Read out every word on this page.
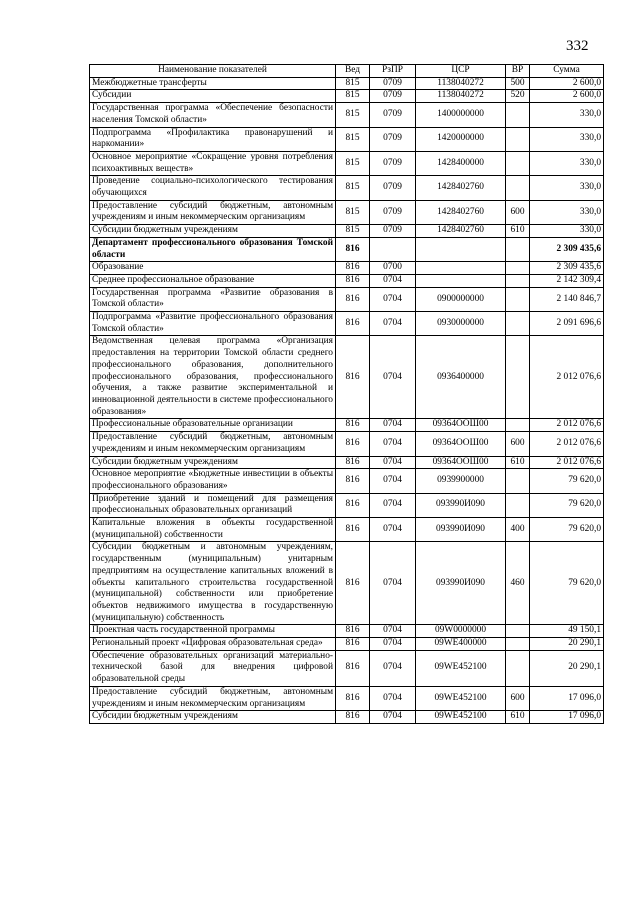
332
Наименование показателей	Вед	РзПР	ЦСР	ВР	Сумма
Межбюджетные трансферты	815	0709	1138040272	500	2 600,0
Субсидии	815	0709	1138040272	520	2 600,0
Государственная программа «Обеспечение безопасности населения Томской области»	815	0709	1400000000		330,0
Подпрограмма «Профилактика правонарушений и наркомании»	815	0709	1420000000		330,0
Основное мероприятие «Сокращение уровня потребления психоактивных веществ»	815	0709	1428400000		330,0
Проведение социально-психологического тестирования обучающихся	815	0709	1428402760		330,0
Предоставление субсидий бюджетным, автономным учреждениям и иным некоммерческим организациям	815	0709	1428402760	600	330,0
Субсидии бюджетным учреждениям	815	0709	1428402760	610	330,0
Департамент профессионального образования Томской области	816				2 309 435,6
Образование	816	0700			2 309 435,6
Среднее профессиональное образование	816	0704			2 142 309,4
Государственная программа «Развитие образования в Томской области»	816	0704	0900000000		2 140 846,7
Подпрограмма «Развитие профессионального образования Томской области»	816	0704	0930000000		2 091 696,6
Ведомственная целевая программа «Организация предоставления на территории Томской области среднего профессионального образования, дополнительного профессионального образования, профессионального обучения, а также развитие экспериментальной и инновационной деятельности в системе профессионального образования»	816	0704	0936400000		2 012 076,6
Профессиональные образовательные организации	816	0704	09364ООШ00		2 012 076,6
Предоставление субсидий бюджетным, автономным учреждениям и иным некоммерческим организациям	816	0704	09364ООШ00	600	2 012 076,6
Субсидии бюджетным учреждениям	816	0704	09364ООШ00	610	2 012 076,6
Основное мероприятие «Бюджетные инвестиции в объекты профессионального образования»	816	0704	0939900000		79 620,0
Приобретение зданий и помещений для размещения профессиональных образовательных организаций	816	0704	093990И090		79 620,0
Капитальные вложения в объекты государственной (муниципальной) собственности	816	0704	093990И090	400	79 620,0
Субсидии бюджетным и автономным учреждениям, государственным (муниципальным) унитарным предприятиям на осуществление капитальных вложений в объекты капитального строительства государственной (муниципальной) собственности или приобретение объектов недвижимого имущества в государственную (муниципальную) собственность	816	0704	093990И090	460	79 620,0
Проектная часть государственной программы	816	0704	09W0000000		49 150,1
Региональный проект «Цифровая образовательная среда»	816	0704	09WE400000		20 290,1
Обеспечение образовательных организаций материально-технической базой для внедрения цифровой образовательной среды	816	0704	09WE452100		20 290,1
Предоставление субсидий бюджетным, автономным учреждениям и иным некоммерческим организациям	816	0704	09WE452100	600	17 096,0
Субсидии бюджетным учреждениям	816	0704	09WE452100	610	17 096,0
